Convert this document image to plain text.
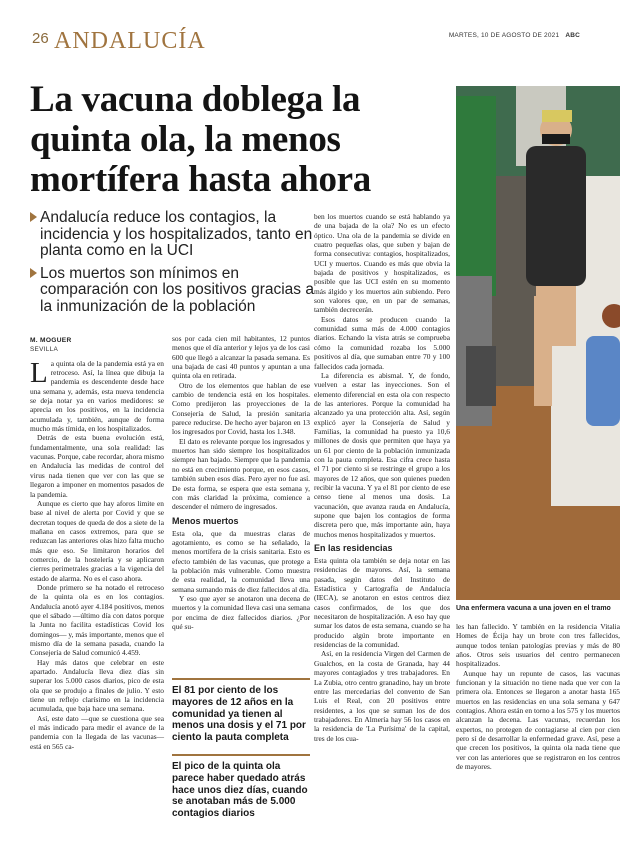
26 ANDALUCÍA	MARTES, 10 DE AGOSTO DE 2021 ABC
La vacuna doblega la quinta ola, la menos mortífera hasta ahora
Andalucía reduce los contagios, la incidencia y los hospitalizados, tanto en planta como en la UCI
Los muertos son mínimos en comparación con los positivos gracias a la inmunización de la población
Una enfermera vacuna a una joven en el tramo
M. MOGUER
SEVILLA

La quinta ola de la pandemia está ya en retroceso. Así, la línea que dibuja la pandemia es descendente desde hace una semana y, además, esta nueva tendencia se deja notar ya en varios medidores: se aprecia en los positivos, en la incidencia acumulada y, también, aunque de forma mucho más tímida, en los hospitalizados.

Detrás de esta buena evolución está, fundamentalmente, una sola realidad: las vacunas. Porque, cabe recordar, ahora mismo en Andalucía las medidas de control del virus nada tienen que ver con las que se llegaron a imponer en momentos pasados de la pandemia.

Aunque es cierto que hay aforos limite en base al nivel de alerta por Covid y que se decretan toques de queda de dos a siete de la mañana en casos extremos, para que se reduzcan las anteriores olas hizo falta mucho más que eso. Se limitaron horarios del comercio, de la hostelería y se aplicaron cierres perimetrales gracias a la vigencia del estado de alarma. No es el caso ahora.

Donde primero se ha notado el retroceso de la quinta ola es en los contagios. Andalucía anotó ayer 4.184 positivos, menos que el sábado —último día con datos porque la Junta no facilita estadísticas Covid los domingos— y, más importante, menos que el mismo día de la semana pasada, cuando la Consejería de Salud comunicó 4.459.

Hay más datos que celebrar en este apartado. Andalucía lleva diez días sin superar los 5.000 casos diarios, pico de esta ola que se produjo a finales de julio. Y esto tiene un reflejo clarísimo en la incidencia acumulada, que baja hace una semana.

Así, este dato —que se cuestiona que sea el más indicado para medir el avance de la pandemia con la llegada de las vacunas— está en 565 ca-

sos por cada cien mil habitantes, 12 puntos menos que el día anterior y lejos ya de los casi 600 que llegó a alcanzar la pasada semana. Es una bajada de casi 40 puntos y apuntan a una quinta ola en retirada.

Otro de los elementos que hablan de ese cambio de tendencia está en los hospitales. Como predijeron las proyecciones de la Consejería de Salud, la presión sanitaria parece reducirse. De hecho ayer bajaron en 13 los ingresados por Covid, hasta los 1.348.

El dato es relevante porque los ingresados y muertos han sido siempre los hospitalizados siempre han bajado. Siempre que la pandemia no está en crecimiento porque, en esos casos, también suben esos días. Pero ayer no fue así. De esta forma, se espera que esta semana y, con más claridad la próxima, comience a descender el número de ingresados.

Menos muertos

Esta ola, que da muestras claras de agotamiento, es como se ha señalado, la menos mortífera de la crisis sanitaria. Esto es efecto también de las vacunas, que protege a la población más vulnerable. Como muestra de esta realidad, la comunidad lleva una semana sumando más de diez fallecidos al día.

Y eso que ayer se anotaron una decena de muertos y la comunidad lleva casi una semana por encima de diez fallecidos diarios. ¿Por qué su-

El 81 por ciento de los mayores de 12 años en la comunidad ya tienen al menos una dosis y el 71 por ciento la pauta completa
El pico de la quinta ola parece haber quedado atrás hace unos diez días, cuando se anotaban más de 5.000 contagios diarios

ben los muertos cuando se está hablando ya de una bajada de la ola? No es un efecto óptico. Una ola de la pandemia se divide en cuatro pequeñas olas, que suben y bajan de forma consecutiva: contagios, hospitalizados, UCI y muertos. Cuando es más que obvia la bajada de positivos y hospitalizados, es posible que las UCI estén en su momento más álgido y los muertos aún subiendo. Pero son valores que, en un par de semanas, también decrecerán.

Esos datos se producen cuando la comunidad suma más de 4.000 contagios diarios. Echando la vista atrás se comprueba cómo la comunidad rozaba los 5.000 positivos al día, que sumaban entre 70 y 100 fallecidos cada jornada.

La diferencia es abismal. Y, de fondo, vuelven a estar las inyecciones. Son el elemento diferencial en esta ola con respecto de las anteriores. Porque la comunidad ha alcanzado ya una protección alta. Así, según explicó ayer la Consejería de Salud y Familias, la comunidad ha puesto ya 10,6 millones de dosis que permiten que haya ya un 61 por ciento de la población inmunizada con la pauta completa. Esa cifra crece hasta el 71 por ciento si se restringe el grupo a los mayores de 12 años, que son quienes pueden recibir la vacuna. Y ya el 81 por ciento de ese censo tiene al menos una dosis. La vacunación, que avanza rauda en Andalucía, supone que bajen los contagios de forma discreta pero que, más importante aún, haya muchos menos hospitalizados y muertos.

En las residencias

Esta quinta ola también se deja notar en las residencias de mayores. Así, la semana pasada, según datos del Instituto de Estadística y Cartografía de Andalucía (IECA), se anotaron en estos centros diez casos confirmados, de los que dos necesitaron de hospitalización. A eso hay que sumar los datos de esta semana, cuando se ha producido algún brote importante en residencias de la comunidad.

Así, en la residencia Virgen del Carmen de Gualchos, en la costa de Granada, hay 44 mayores contagiados y tres trabajadores. En La Zubia, otro centro granadino, hay un brote entre las mercedarias del convento de San Luis el Real, con 20 positivos entre residentes, a los que se suman los de dos trabajadores. En Almería hay 56 los casos en la residencia de 'La Purísima' de la capital, tres de los cua-

les han fallecido. Y también en la residencia Vitalia Homes de Écija hay un brote con tres fallecidos, aunque todos tenían patologías previas y más de 80 años. Otros seis usuarios del centro permanecen hospitalizados.

Aunque hay un repunte de casos, las vacunas funcionan y la situación no tiene nada que ver con la primera ola. Entonces se llegaron a anotar hasta 165 muertos en las residencias en una sola semana y 647 contagios. Ahora están en torno a los 575 y los muertos alcanzan la decena. Las vacunas, recuerdan los expertos, no protegen de contagiarse al cien por cien pero sí de desarrollar la enfermedad grave. Así, pese a que crecen los positivos, la quinta ola nada tiene que ver con las anteriores que se registraron en los centros de mayores.
